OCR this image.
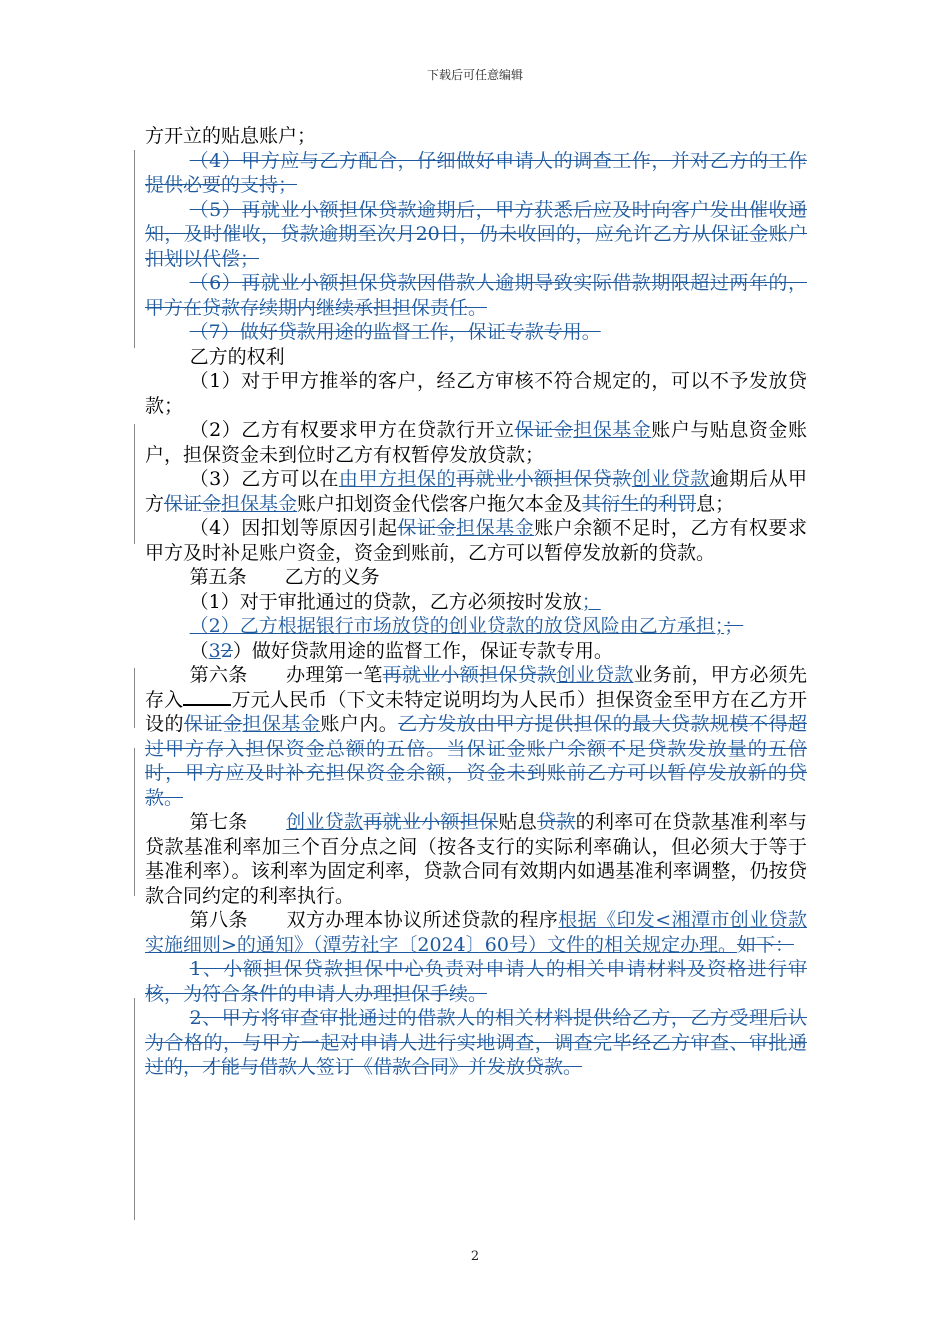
下载后可任意编辑

方开立的贴息账户；

（4）甲方应与乙方配合，仔细做好申请人的调查工作，并对乙方的工作提供必要的支持；

（5）再就业小额担保贷款逾期后，甲方获悉后应及时向客户发出催收通知，及时催收，贷款逾期至次月20日，仍未收回的，应允许乙方从保证金账户扣划以代偿；

（6）再就业小额担保贷款因借款人逾期导致实际借款期限超过两年的，甲方在贷款存续期内继续承担担保责任。

（7）做好贷款用途的监督工作，保证专款专用。

乙方的权利

（1）对于甲方推举的客户，经乙方审核不符合规定的，可以不予发放贷款；

（2）乙方有权要求甲方在贷款行开立保证金担保基金账户与贴息资金账户，担保资金未到位时乙方有权暂停发放贷款；

（3）乙方可以在由甲方担保的再就业小额担保贷款创业贷款逾期后从甲方保证金担保基金账户扣划资金代偿客户拖欠本金及其衍生的利罚息；

（4）因扣划等原因引起保证金担保基金账户余额不足时，乙方有权要求甲方及时补足账户资金，资金到账前，乙方可以暂停发放新的贷款。

第五条　　乙方的义务

（1）对于审批通过的贷款，乙方必须按时发放；

（2）乙方根据银行市场放贷的创业贷款的放贷风险由乙方承担；；

（32）做好贷款用途的监督工作，保证专款专用。

第六条　　办理第一笔再就业小额担保贷款创业贷款业务前，甲方必须先存入	万元人民币（下文未特定说明均为人民币）担保资金至甲方在乙方开设的保证金担保基金账户内。乙方发放由甲方提供担保的最大贷款规模不得超过甲方存入担保资金总额的五倍。当保证金账户余额不足贷款发放量的五倍时，甲方应及时补充担保资金余额，资金未到账前乙方可以暂停发放新的贷款。

第七条　　创业贷款再就业小额担保贴息贷款的利率可在贷款基准利率与贷款基准利率加三个百分点之间（按各支行的实际利率确认，但必须大于等于基准利率）。该利率为固定利率，贷款合同有效期内如遇基准利率调整，仍按贷款合同约定的利率执行。

第八条　　双方办理本协议所述贷款的程序根据《印发<湘潭市创业贷款实施细则>的通知》（潭劳社字〔2024〕60号）文件的相关规定办理。如下：

1、小额担保贷款担保中心负责对申请人的相关申请材料及资格进行审核，为符合条件的申请人办理担保手续。

2、甲方将审查审批通过的借款人的相关材料提供给乙方，乙方受理后认为合格的，与甲方一起对申请人进行实地调查，调查完毕经乙方审查、审批通过的，才能与借款人签订《借款合同》并发放贷款。

2
